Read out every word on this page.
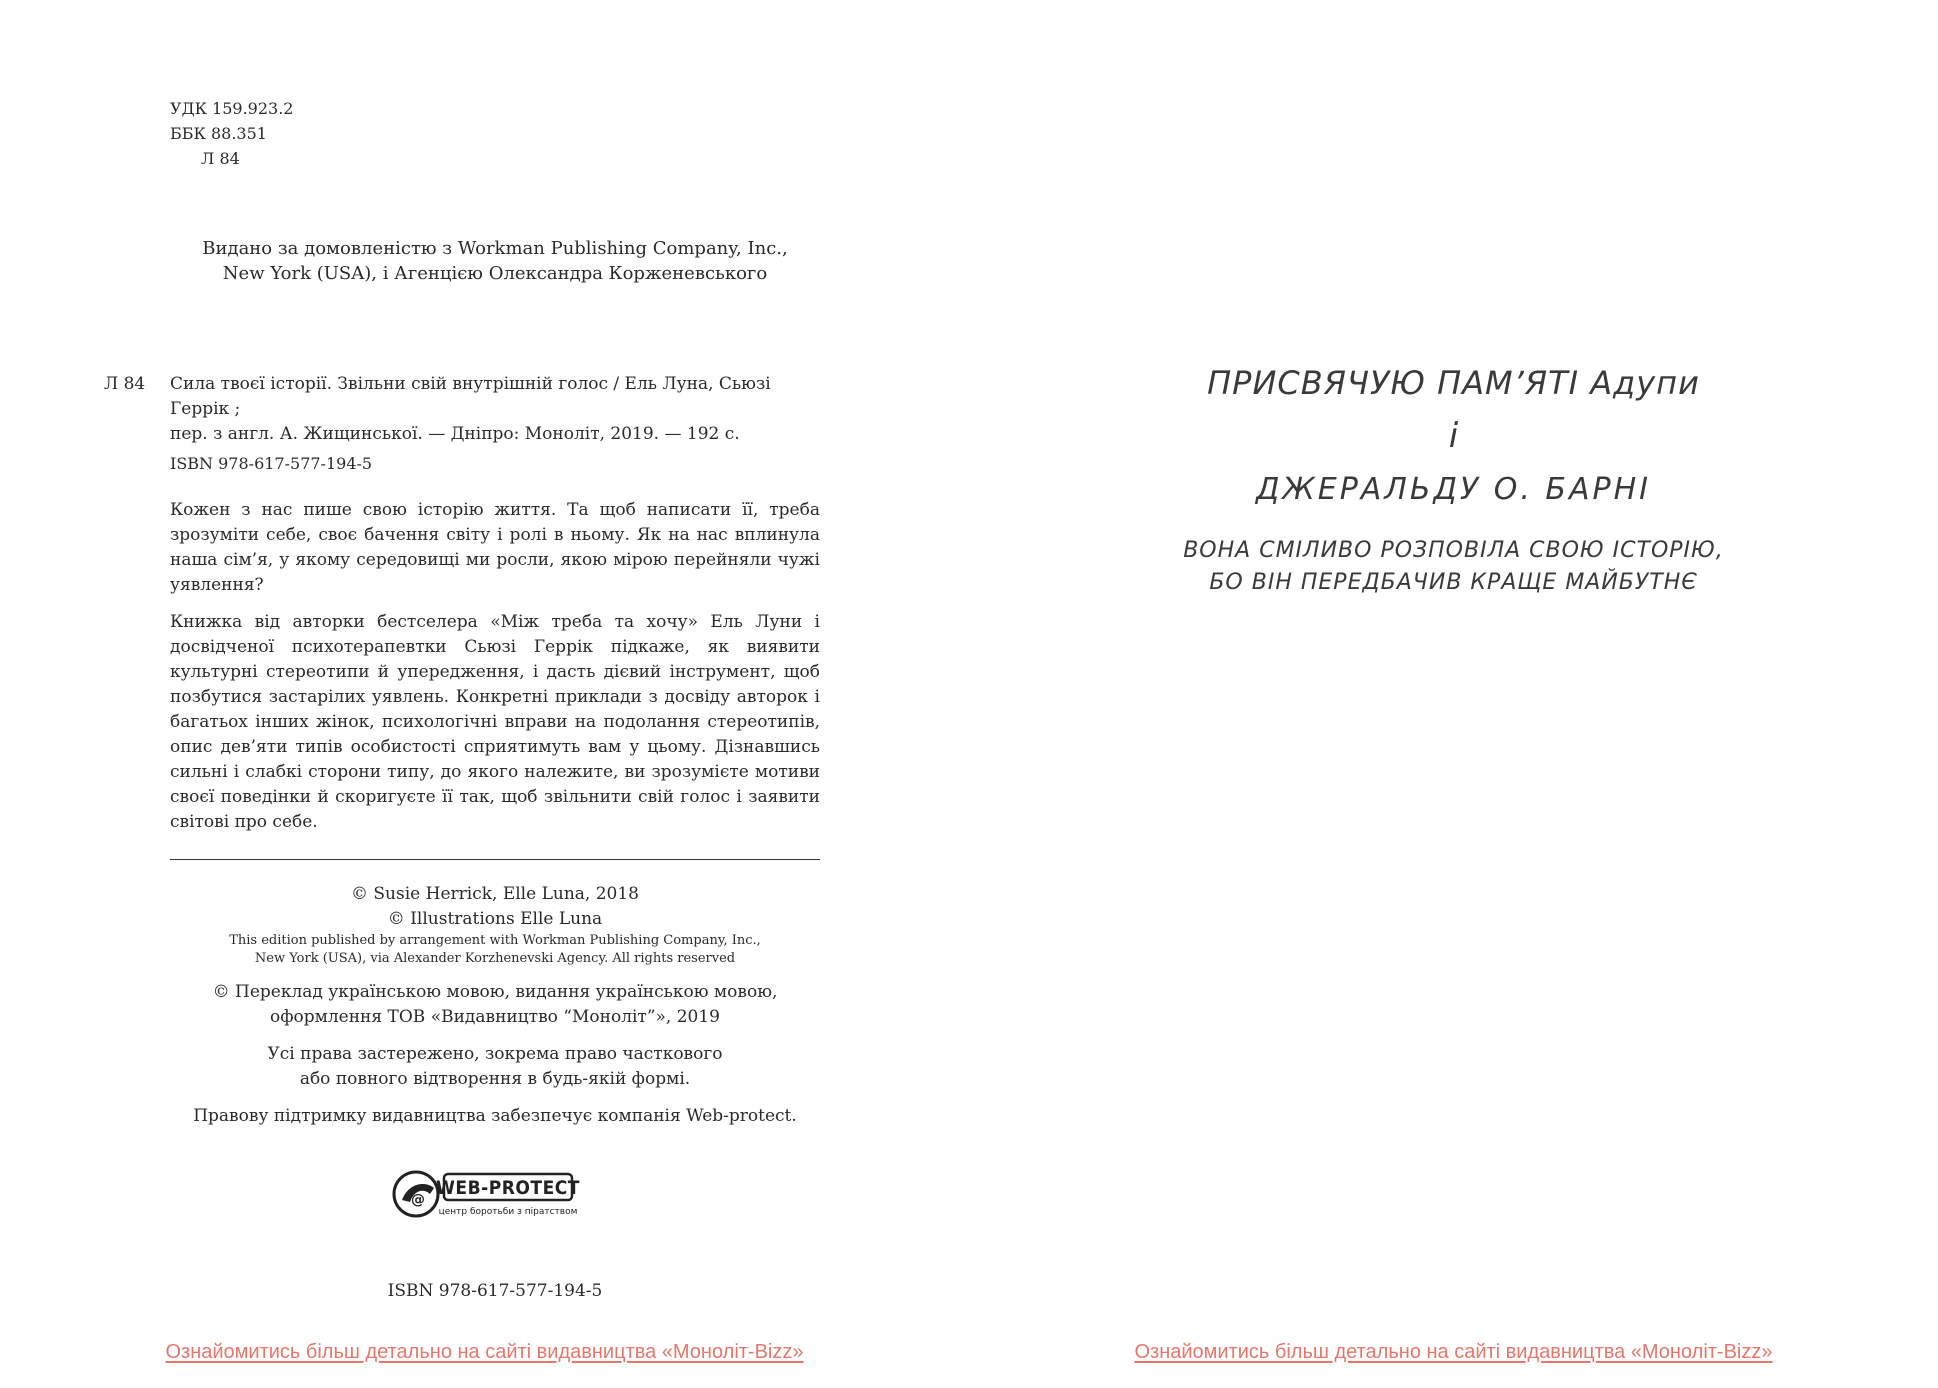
УДК 159.923.2
ББК 88.351
Л 84
Видано за домовленістю з Workman Publishing Company, Inc.,
New York (USA), і Агенцією Олександра Корженевського
Л 84 Сила твоєї історії. Звільни свій внутрішній голос / Ель Луна, Сьюзі Геррік ;
пер. з англ. А. Жищинської. — Дніпро: Моноліт, 2019. — 192 с.
ISBN 978-617-577-194-5

Кожен з нас пише свою історію життя. Та щоб написати її, треба зрозуміти себе, своє бачення світу і ролі в ньому. Як на нас вплинула наша сім’я, у якому середовищі ми росли, якою мірою перейняли чужі уявлення?

Книжка від авторки бестселера «Між треба та хочу» Ель Луни і досвідченої психотерапевтки Сьюзі Геррік підкаже, як виявити культурні стереотипи й упередження, і дасть дієвий інструмент, щоб позбутися застарілих уявлень. Конкретні приклади з досвіду авторок і багатьох інших жінок, психологічні вправи на подолання стереотипів, опис дев’яти типів особистості сприятимуть вам у цьому. Дізнавшись сильні і слабкі сторони типу, до якого належите, ви зрозумієте мотиви своєї поведінки й скоригуєте її так, щоб звільнити свій голос і заявити світові про себе.

© Susie Herrick, Elle Luna, 2018
© Illustrations Elle Luna
This edition published by arrangement with Workman Publishing Company, Inc.,
New York (USA), via Alexander Korzhenevski Agency. All rights reserved
© Переклад українською мовою, видання українською мовою,
оформлення ТОВ «Видавництво “Моноліт”», 2019
Усі права застережено, зокрема право часткового
або повного відтворення в будь-якій формі.
Правову підтримку видавництва забезпечує компанія Web-protect.
@
WEB-PROTECT
центр боротьби з піратством
ISBN 978-617-577-194-5
Ознайомитись більш детально на сайті видавництва «Моноліт-Bizz»
ПРИСВЯЧУЮ ПАМ’ЯТІ Адупи
і
ДЖЕРАЛЬДУ О. БАРНІ
ВОНА СМІЛИВО РОЗПОВІЛА СВОЮ ІСТОРІЮ,
БО ВІН ПЕРЕДБАЧИВ КРАЩЕ МАЙБУТНЄ
Ознайомитись більш детально на сайті видавництва «Моноліт-Bizz»
